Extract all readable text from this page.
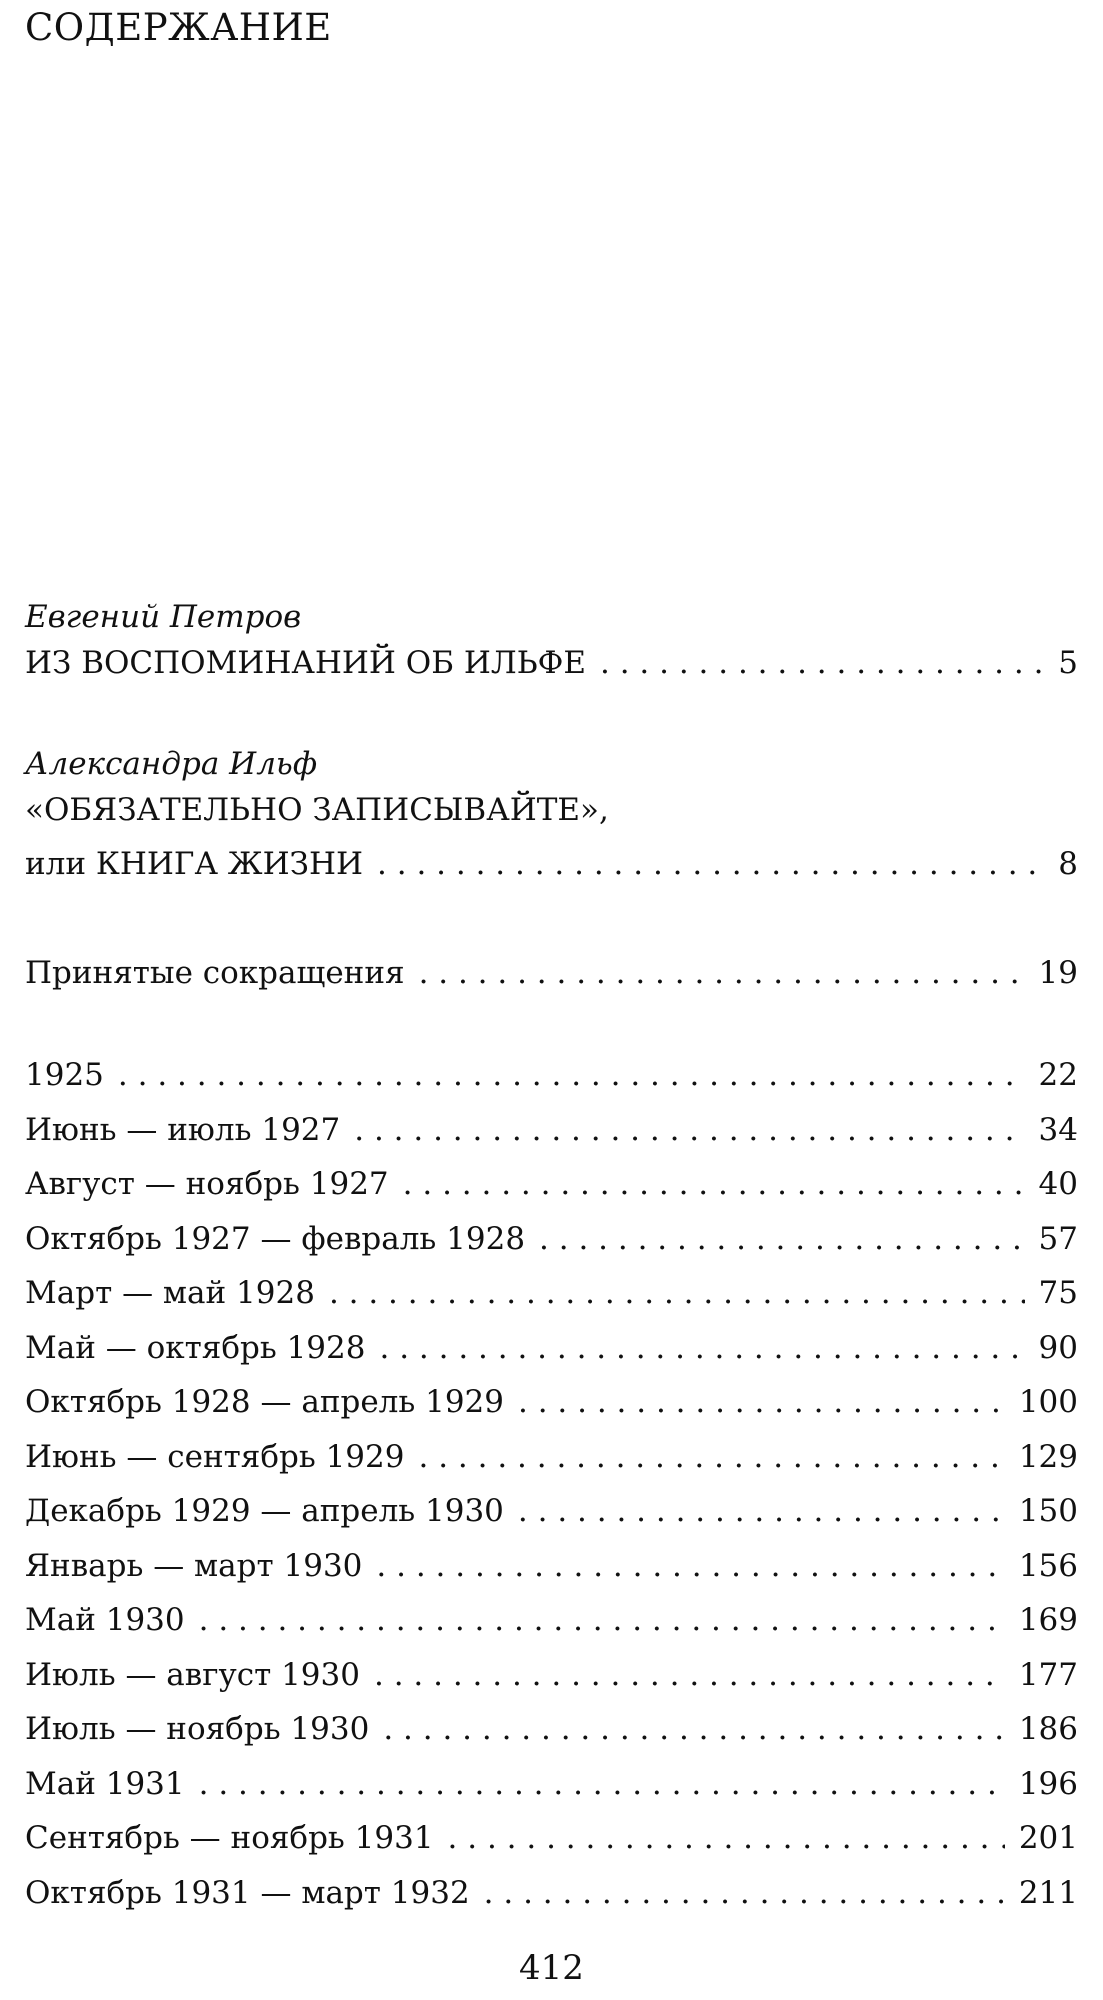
СОДЕРЖАНИЕ
Евгений Петров
ИЗ ВОСПОМИНАНИЙ ОБ ИЛЬФЕ . . .	5
Александра Ильф
«ОБЯЗАТЕЛЬНО ЗАПИСЫВАЙТЕ»,
или КНИГА ЖИЗНИ . . .	8
Принятые сокращения . . .	19
1925 . . .	22
Июнь — июль 1927 . . .	34
Август — ноябрь 1927 . . .	40
Октябрь 1927 — февраль 1928 . . .	57
Март — май 1928 . . .	75
Май — октябрь 1928 . . .	90
Октябрь 1928 — апрель 1929 . . .	100
Июнь — сентябрь 1929 . . .	129
Декабрь 1929 — апрель 1930 . . .	150
Январь — март 1930 . . .	156
Май 1930 . . .	169
Июль — август 1930 . . .	177
Июль — ноябрь 1930 . . .	186
Май 1931 . . .	196
Сентябрь — ноябрь 1931 . . .	201
Октябрь 1931 — март 1932 . . .	211
412
